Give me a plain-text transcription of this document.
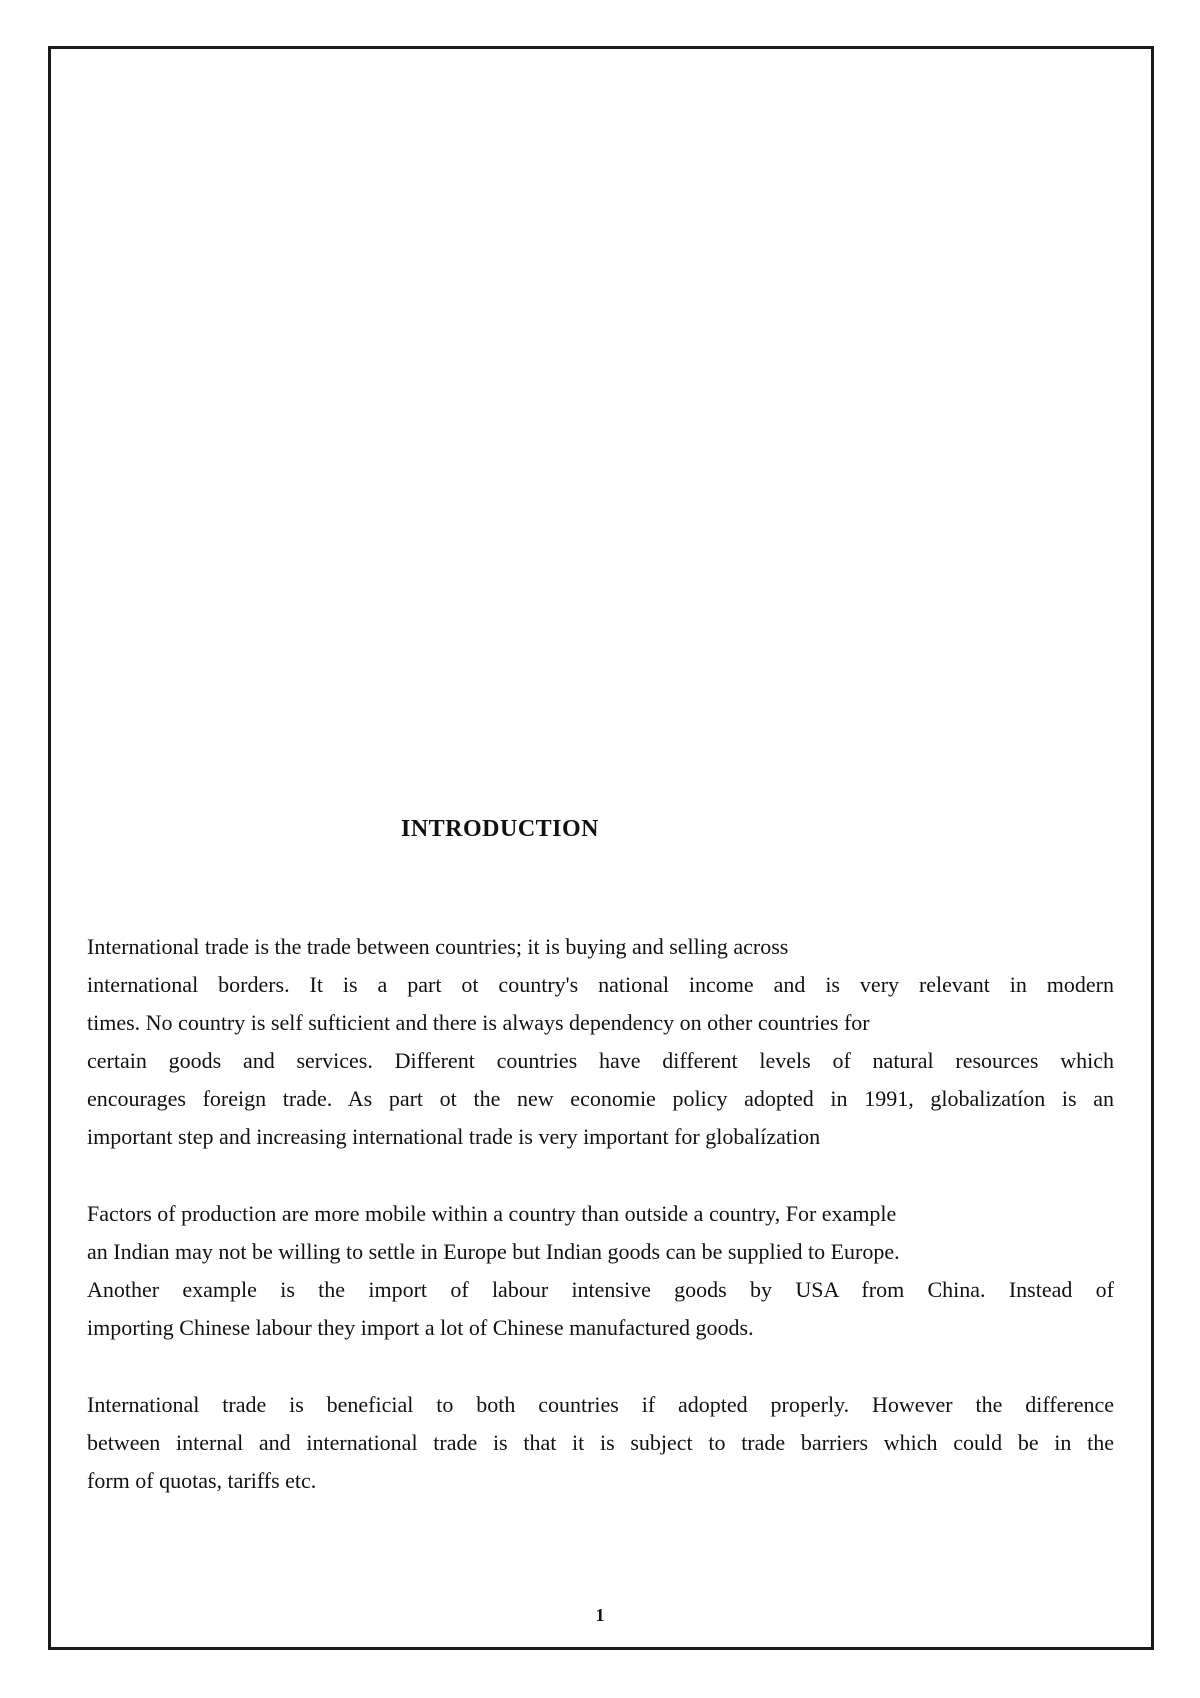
INTRODUCTION
International trade is the trade between countries; it is buying and selling across
international borders. It is a part ot country's national income and is very relevant in modern
times. No country is self sufticient and there is always dependency on other countries for
certain goods and services. Different countries have different levels of natural resources which
encourages foreign trade. As part ot the new economie policy adopted in 1991, globalizatíon is an
important step and increasing international trade is very important for globalízation
Factors of production are more mobile within a country than outside a country, For example
an Indian may not be willing to settle in Europe but Indian goods can be supplied to Europe.
Another example is the import of labour intensive goods by USA from China. Instead of
importing Chinese labour they import a lot of Chinese manufactured goods.
International trade is beneficial to both countries if adopted properly. However the difference
between internal and international trade is that it is subject to trade barriers which could be in the
form of quotas, tariffs etc.
1
